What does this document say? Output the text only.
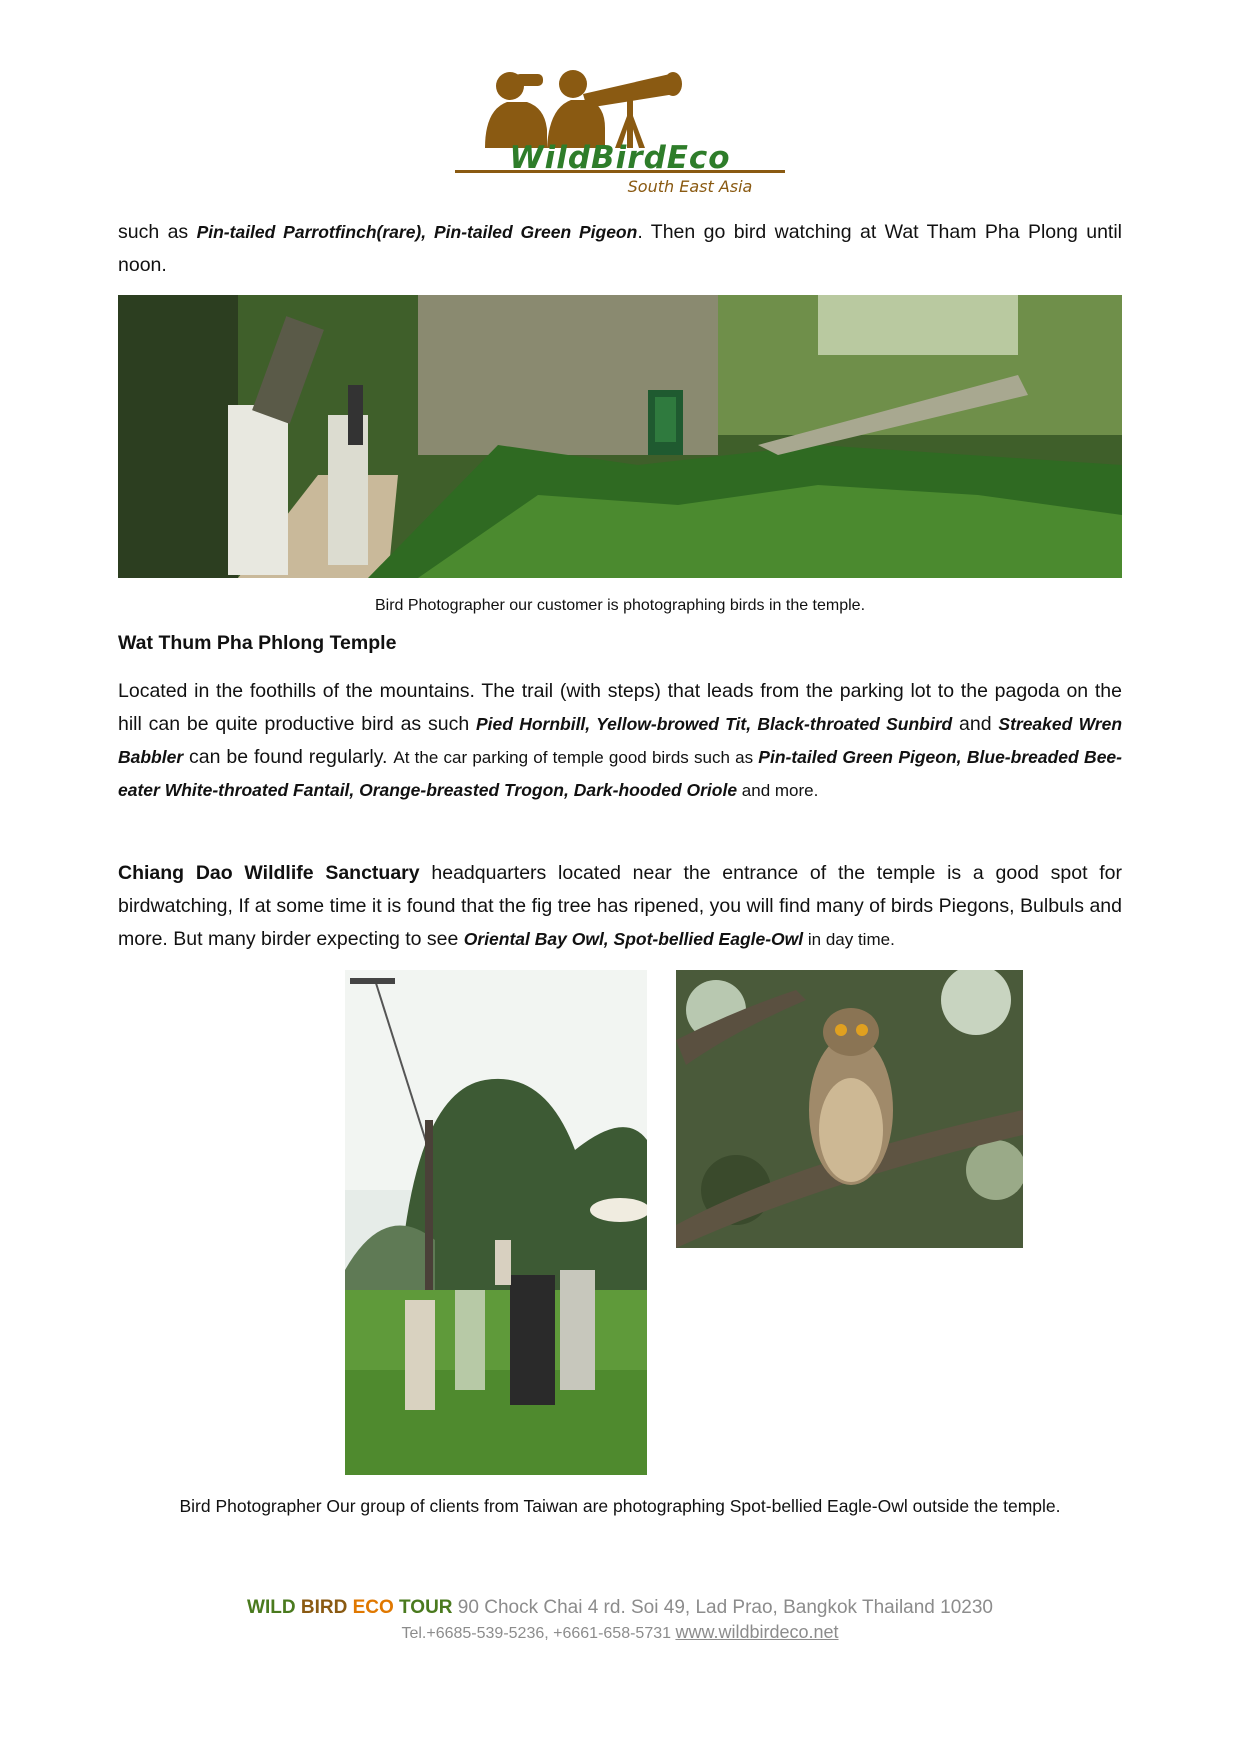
WildBirdEco
South East Asia

such as Pin-tailed Parrotfinch(rare), Pin-tailed Green Pigeon. Then go bird watching at Wat Tham Pha Plong until noon.

Bird Photographer our customer is photographing birds in the temple.
Wat Thum Pha Phlong Temple

Located in the foothills of the mountains. The trail (with steps) that leads from the parking lot to the pagoda on the hill can be quite productive bird as such Pied Hornbill, Yellow-browed Tit, Black-throated Sunbird and Streaked Wren Babbler can be found regularly. At the car parking of temple good birds such as Pin-tailed Green Pigeon, Blue-breaded Bee-eater White-throated Fantail, Orange-breasted Trogon, Dark-hooded Oriole and more.

Chiang Dao Wildlife Sanctuary headquarters located near the entrance of the temple is a good spot for birdwatching, If at some time it is found that the fig tree has ripened, you will find many of birds Piegons, Bulbuls and more. But many birder expecting to see Oriental Bay Owl, Spot-bellied Eagle-Owl in day time.

Bird Photographer Our group of clients from Taiwan are photographing Spot-bellied Eagle-Owl outside the temple.
WILD BIRD ECO TOUR 90 Chock Chai 4 rd. Soi 49, Lad Prao, Bangkok Thailand 10230
Tel.+6685-539-5236, +6661-658-5731 www.wildbirdeco.net
